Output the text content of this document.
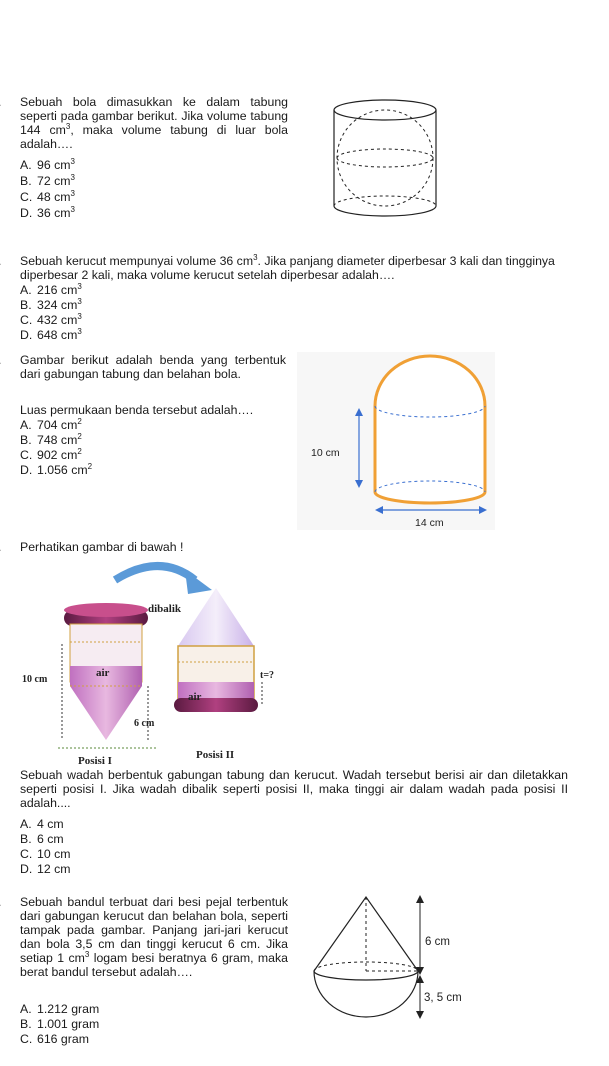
Sebuah bola dimasukkan ke dalam tabung seperti pada gambar berikut. Jika volume tabung 144 $cm^3$, maka volume tabung di luar bola adalah….
A. 96 $cm^3$
B. 72 $cm^3$
C. 48 $cm^3$
D. 36 $cm^3$
Sebuah kerucut mempunyai volume 36 $cm^3$. Jika panjang diameter diperbesar 3 kali dan tingginya diperbesar 2 kali, maka volume kerucut setelah diperbesar adalah….
A. 216 $cm^3$
B. 324 $cm^3$
C. 432 $cm^3$
D. 648 $cm^3$
Gambar berikut adalah benda yang terbentuk dari gabungan tabung dan belahan bola.
Luas permukaan benda tersebut adalah….
A. 704 $cm^2$
B. 748 $cm^2$
C. 902 $cm^2$
D. 1.056 $cm^2$
10 cm
14 cm
Perhatikan gambar di bawah !
Sebuah wadah berbentuk gabungan tabung dan kerucut. Wadah tersebut berisi air dan diletakkan seperti posisi I. Jika wadah dibalik seperti posisi II, maka tinggi air dalam wadah pada posisi II adalah....
A. 4 cm
B. 6 cm
C. 10 cm
D. 12 cm
dibalik
10 cm
air
6 cm
Posisi I
air
t=?
Posisi II
Sebuah bandul terbuat dari besi pejal terbentuk dari gabungan kerucut dan belahan bola, seperti tampak pada gambar. Panjang jari-jari kerucut dan bola 3,5 cm dan tinggi kerucut 6 cm. Jika setiap 1 $cm^3$ logam besi beratnya 6 gram, maka berat bandul tersebut adalah….
A. 1.212 gram
B. 1.001 gram
C. 616 gram
6 cm
3, 5 cm
